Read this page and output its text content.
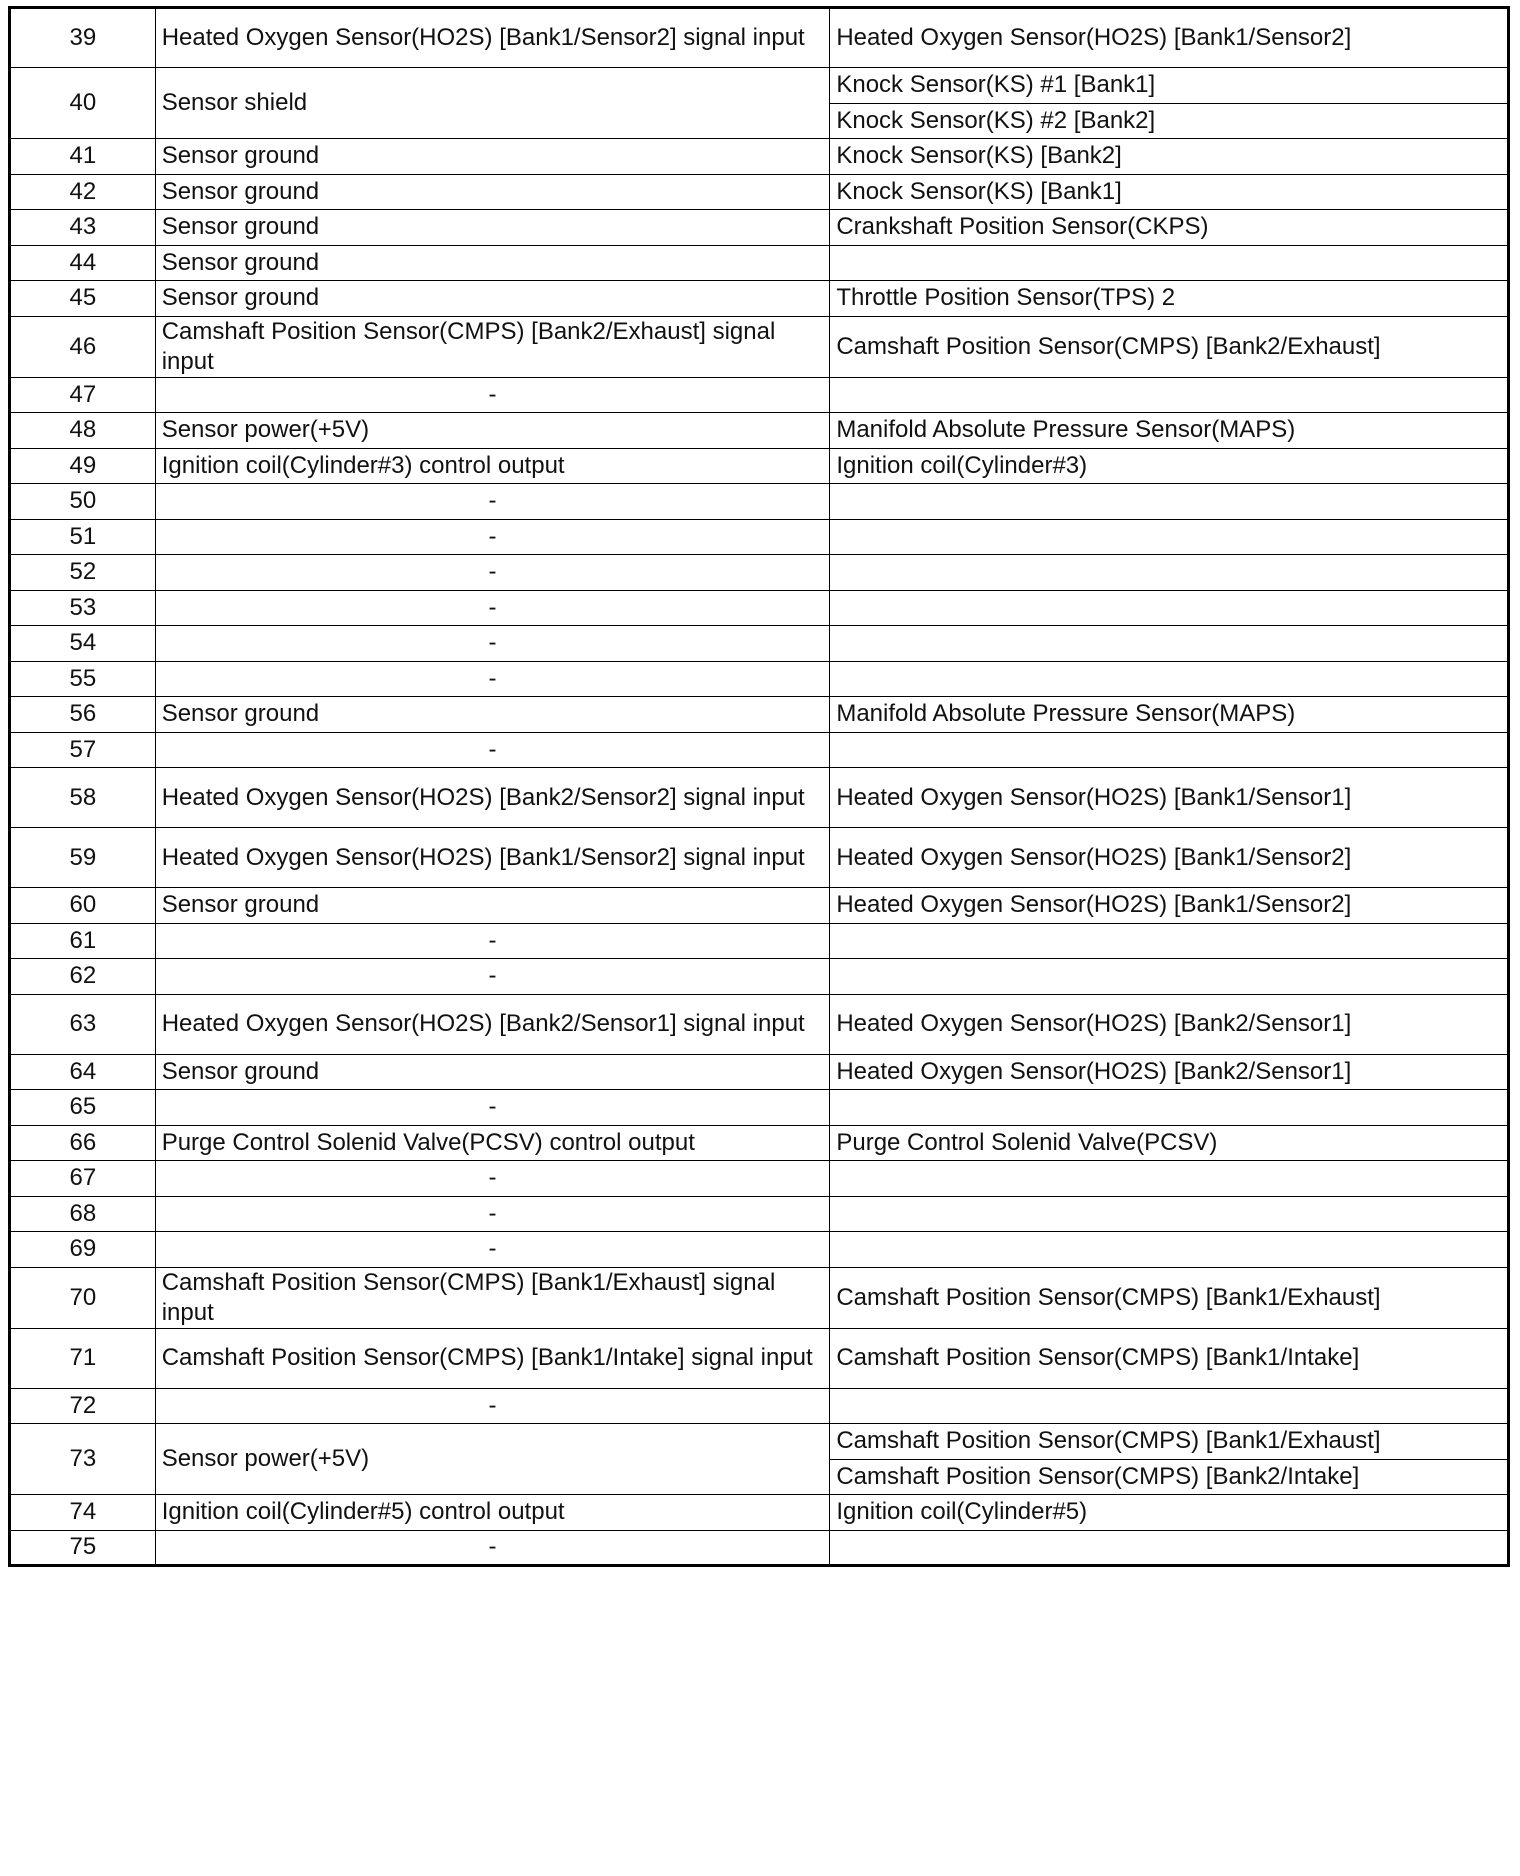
39	Heated Oxygen Sensor(HO2S) [Bank1/Sensor2] signal input	Heated Oxygen Sensor(HO2S) [Bank1/Sensor2]
40	Sensor shield	Knock Sensor(KS) #1 [Bank1]
		Knock Sensor(KS) #2 [Bank2]
41	Sensor ground	Knock Sensor(KS) [Bank2]
42	Sensor ground	Knock Sensor(KS) [Bank1]
43	Sensor ground	Crankshaft Position Sensor(CKPS)
44	Sensor ground	
45	Sensor ground	Throttle Position Sensor(TPS) 2
46	Camshaft Position Sensor(CMPS) [Bank2/Exhaust] signal input	Camshaft Position Sensor(CMPS) [Bank2/Exhaust]
47	-	
48	Sensor power(+5V)	Manifold Absolute Pressure Sensor(MAPS)
49	Ignition coil(Cylinder#3) control output	Ignition coil(Cylinder#3)
50	-	
51	-	
52	-	
53	-	
54	-	
55	-	
56	Sensor ground	Manifold Absolute Pressure Sensor(MAPS)
57	-	
58	Heated Oxygen Sensor(HO2S) [Bank2/Sensor2] signal input	Heated Oxygen Sensor(HO2S) [Bank1/Sensor1]
59	Heated Oxygen Sensor(HO2S) [Bank1/Sensor2] signal input	Heated Oxygen Sensor(HO2S) [Bank1/Sensor2]
60	Sensor ground	Heated Oxygen Sensor(HO2S) [Bank1/Sensor2]
61	-	
62	-	
63	Heated Oxygen Sensor(HO2S) [Bank2/Sensor1] signal input	Heated Oxygen Sensor(HO2S) [Bank2/Sensor1]
64	Sensor ground	Heated Oxygen Sensor(HO2S) [Bank2/Sensor1]
65	-	
66	Purge Control Solenid Valve(PCSV) control output	Purge Control Solenid Valve(PCSV)
67	-	
68	-	
69	-	
70	Camshaft Position Sensor(CMPS) [Bank1/Exhaust] signal input	Camshaft Position Sensor(CMPS) [Bank1/Exhaust]
71	Camshaft Position Sensor(CMPS) [Bank1/Intake] signal input	Camshaft Position Sensor(CMPS) [Bank1/Intake]
72	-	
73	Sensor power(+5V)	Camshaft Position Sensor(CMPS) [Bank1/Exhaust]
		Camshaft Position Sensor(CMPS) [Bank2/Intake]
74	Ignition coil(Cylinder#5) control output	Ignition coil(Cylinder#5)
75	-	
